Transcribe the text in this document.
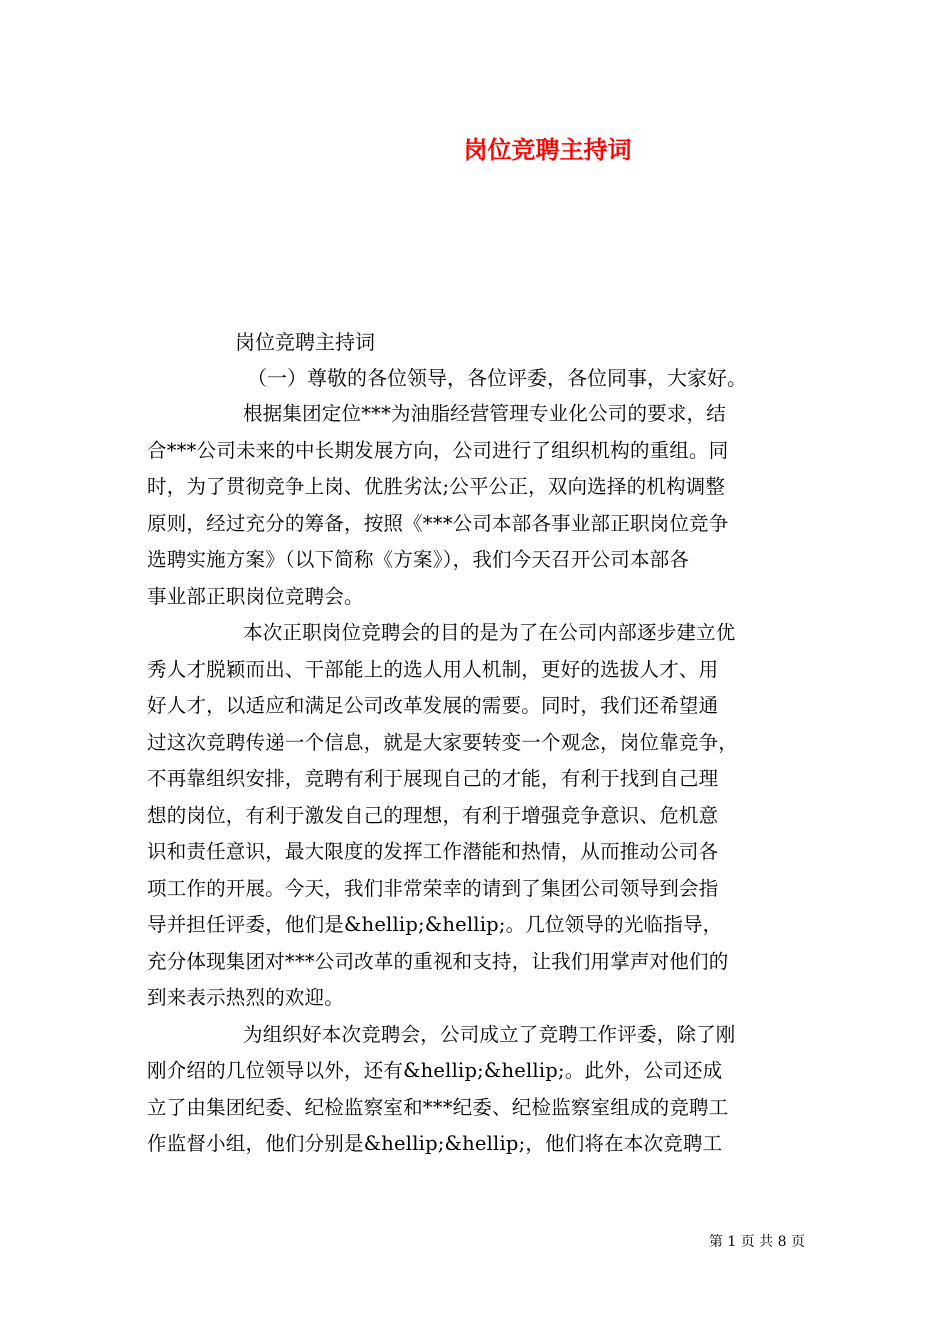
岗位竞聘主持词

岗位竞聘主持词

（一）尊敬的各位领导，各位评委，各位同事，大家好。

根据集团定位***为油脂经营管理专业化公司的要求，结
合***公司未来的中长期发展方向，公司进行了组织机构的重组。同
时，为了贯彻竞争上岗、优胜劣汰;公平公正，双向选择的机构调整
原则，经过充分的筹备，按照《***公司本部各事业部正职岗位竞争
选聘实施方案》（以下简称《方案》），我们今天召开公司本部各
事业部正职岗位竞聘会。

本次正职岗位竞聘会的目的是为了在公司内部逐步建立优
秀人才脱颖而出、干部能上的选人用人机制，更好的选拔人才、用
好人才，以适应和满足公司改革发展的需要。同时，我们还希望通
过这次竞聘传递一个信息，就是大家要转变一个观念，岗位靠竞争，
不再靠组织安排，竞聘有利于展现自己的才能，有利于找到自己理
想的岗位，有利于激发自己的理想，有利于增强竞争意识、危机意
识和责任意识，最大限度的发挥工作潜能和热情，从而推动公司各
项工作的开展。今天，我们非常荣幸的请到了集团公司领导到会指
导并担任评委，他们是&hellip;&hellip;。几位领导的光临指导，
充分体现集团对***公司改革的重视和支持，让我们用掌声对他们的
到来表示热烈的欢迎。

为组织好本次竞聘会，公司成立了竞聘工作评委，除了刚
刚介绍的几位领导以外，还有&hellip;&hellip;。此外，公司还成
立了由集团纪委、纪检监察室和***纪委、纪检监察室组成的竞聘工
作监督小组，他们分别是&hellip;&hellip;，他们将在本次竞聘工

第 1 页 共 8 页
